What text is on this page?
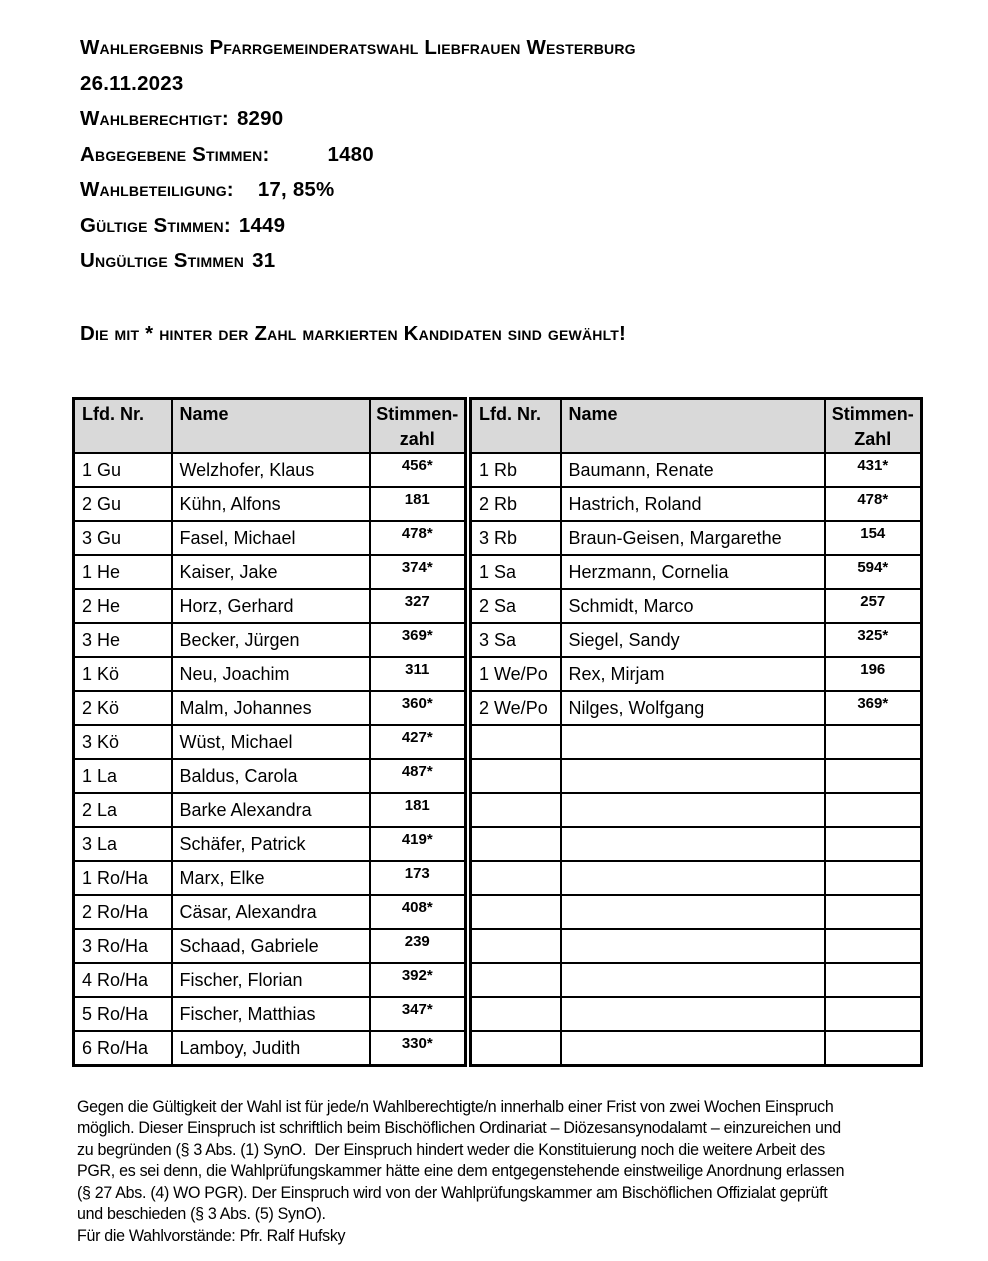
Wahlergebnis Pfarrgemeinderatswahl Liebfrauen Westerburg
26.11.2023
Wahlberechtigt: 8290
Abgegebene Stimmen:	1480
Wahlbeteiligung: 17, 85%
Gültige Stimmen: 1449
Ungültige Stimmen 31
Die mit * hinter der Zahl markierten Kandidaten sind gewählt!
Lfd. Nr.	Name	Stimmen-
zahl

1 Gu	Welzhofer, Klaus	456*
2 Gu	Kühn, Alfons	181
3 Gu	Fasel, Michael	478*
1 He	Kaiser, Jake	374*
2 He	Horz, Gerhard	327
3 He	Becker, Jürgen	369*
1 Kö	Neu, Joachim	311
2 Kö	Malm, Johannes	360*
3 Kö	Wüst, Michael	427*
1 La	Baldus, Carola	487*
2 La	Barke Alexandra	181
3 La	Schäfer, Patrick	419*
1 Ro/Ha	Marx, Elke	173
2 Ro/Ha	Cäsar, Alexandra	408*
3 Ro/Ha	Schaad, Gabriele	239
4 Ro/Ha	Fischer, Florian	392*
5 Ro/Ha	Fischer, Matthias	347*
6 Ro/Ha	Lamboy, Judith	330*
Lfd. Nr.	Name	Stimmen-
Zahl

1 Rb	Baumann, Renate	431*
2 Rb	Hastrich, Roland	478*
3 Rb	Braun-Geisen, Margarethe	154
1 Sa	Herzmann, Cornelia	594*
2 Sa	Schmidt, Marco	257
3 Sa	Siegel, Sandy	325*
1 We/Po	Rex, Mirjam	196
2 We/Po	Nilges, Wolfgang	369*

Gegen die Gültigkeit der Wahl ist für jede/n Wahlberechtigte/n innerhalb einer Frist von zwei Wochen Einspruch
möglich. Dieser Einspruch ist schriftlich beim Bischöflichen Ordinariat – Diözesansynodalamt – einzureichen und
zu begründen (§ 3 Abs. (1) SynO.  Der Einspruch hindert weder die Konstituierung noch die weitere Arbeit des
PGR, es sei denn, die Wahlprüfungskammer hätte eine dem entgegenstehende einstweilige Anordnung erlassen
(§ 27 Abs. (4) WO PGR). Der Einspruch wird von der Wahlprüfungskammer am Bischöflichen Offizialat geprüft
und beschieden (§ 3 Abs. (5) SynO).
Für die Wahlvorstände: Pfr. Ralf Hufsky
